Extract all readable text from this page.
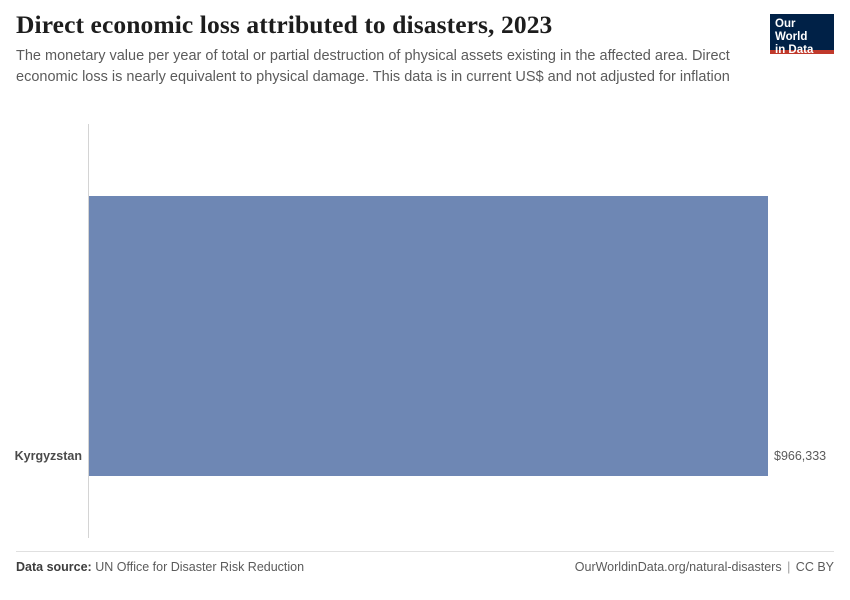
Direct economic loss attributed to disasters, 2023

The monetary value per year of total or partial destruction of physical assets existing in the affected area. Direct economic loss is nearly equivalent to physical damage. This data is in current US$ and not adjusted for inflation

Our World
in Data
Kyrgyzstan	$966,333
Data source: UN Office for Disaster Risk Reduction	OurWorldinData.org/natural-disasters | CC BY
